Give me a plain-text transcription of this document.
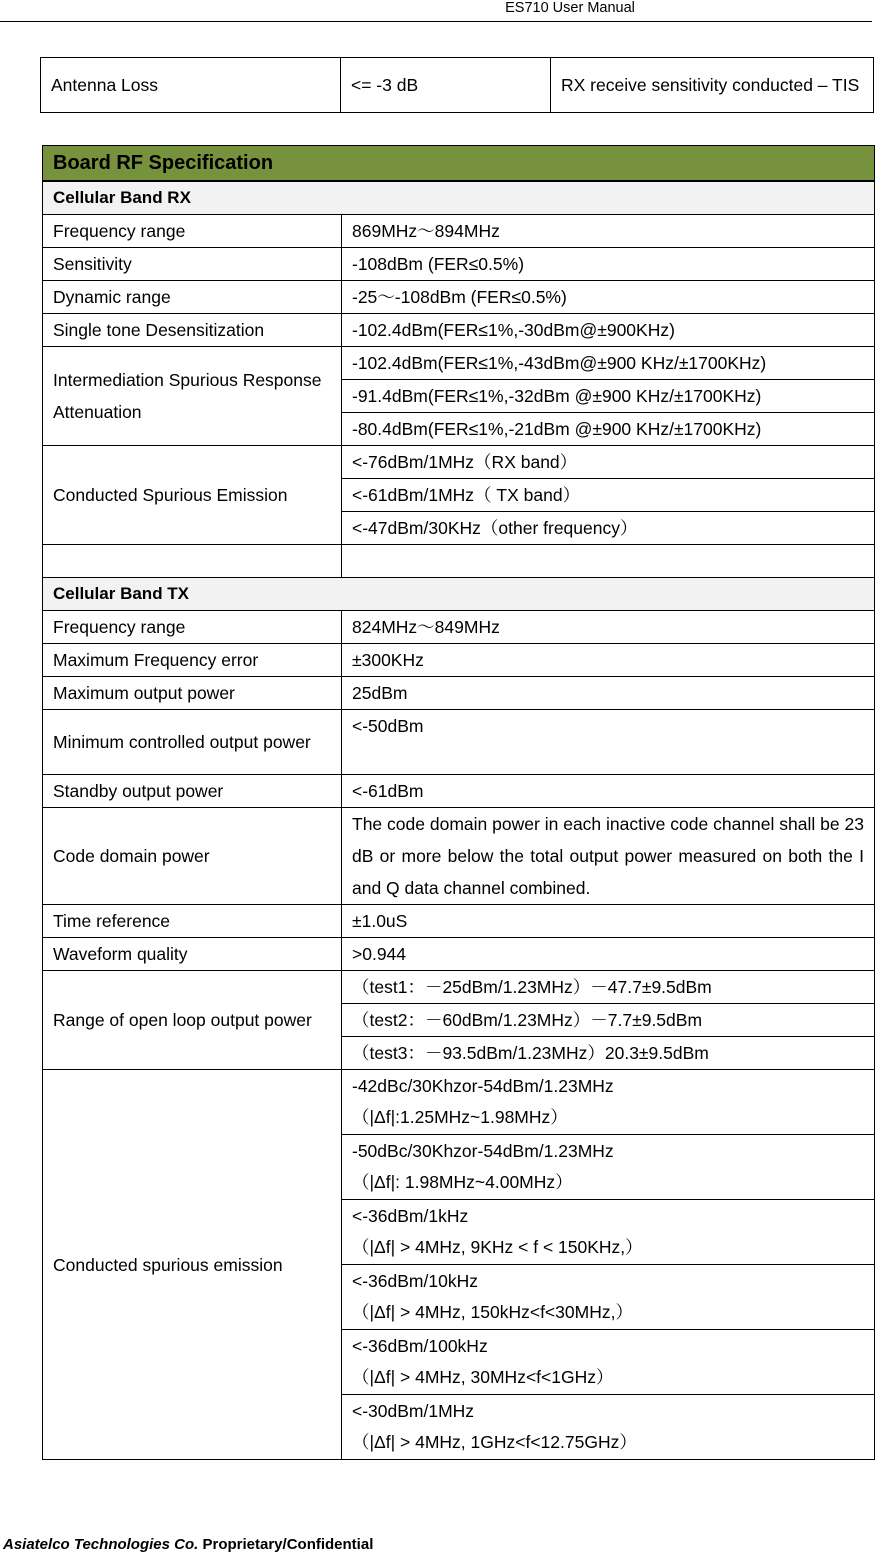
ES710 User Manual
Antenna Loss	<= -3 dB	RX receive sensitivity conducted – TIS
Board RF Specification	
Cellular Band RX	
Frequency range	869MHz～894MHz
Sensitivity	-108dBm (FER≤0.5%)
Dynamic range	-25～-108dBm (FER≤0.5%)
Single tone Desensitization	-102.4dBm(FER≤1%,-30dBm@±900KHz)
Intermediation Spurious Response Attenuation	-102.4dBm(FER≤1%,-43dBm@±900 KHz/±1700KHz)
	-91.4dBm(FER≤1%,-32dBm @±900 KHz/±1700KHz)
	-80.4dBm(FER≤1%,-21dBm @±900 KHz/±1700KHz)
Conducted Spurious Emission	<-76dBm/1MHz（RX band）
	<-61dBm/1MHz（ TX band）
	<-47dBm/30KHz（other frequency）

Cellular Band TX	
Frequency range	824MHz～849MHz
Maximum Frequency error	±300KHz
Maximum output power	25dBm
Minimum controlled output power	<-50dBm
Standby output power	<-61dBm
Code domain power	The code domain power in each inactive code channel shall be 23 dB or more below the total output power measured on both the I and Q data channel combined.
Time reference	±1.0uS
Waveform quality	>0.944
Range of open loop output power	（test1：－25dBm/1.23MHz）－47.7±9.5dBm
	（test2：－60dBm/1.23MHz）－7.7±9.5dBm
	（test3：－93.5dBm/1.23MHz）20.3±9.5dBm
Conducted spurious emission	-42dBc/30Khzor-54dBm/1.23MHz
（|Δf|:1.25MHz~1.98MHz）

	-50dBc/30Khzor-54dBm/1.23MHz
（|Δf|: 1.98MHz~4.00MHz）

	<-36dBm/1kHz
（|Δf| > 4MHz, 9KHz < f < 150KHz,）

	<-36dBm/10kHz
（|Δf| > 4MHz, 150kHz<f<30MHz,）

	<-36dBm/100kHz
（|Δf| > 4MHz, 30MHz<f<1GHz）

	<-30dBm/1MHz
（|Δf| > 4MHz, 1GHz<f<12.75GHz）
Asiatelco Technologies Co. Proprietary/Confidential
